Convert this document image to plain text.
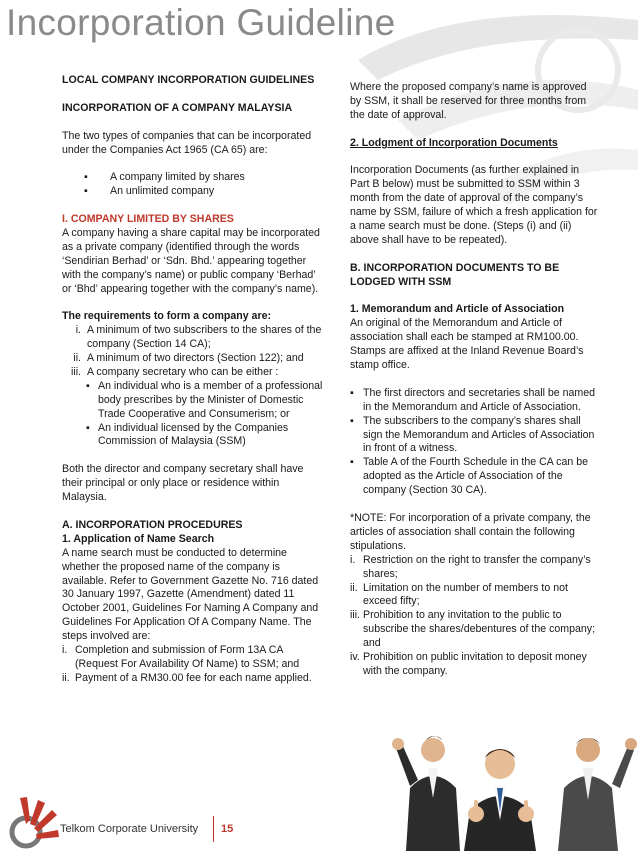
Incorporation Guideline

LOCAL COMPANY INCORPORATION GUIDELINES

INCORPORATION OF A COMPANY MALAYSIA

The two types of companies that can be incorporated under the Companies Act 1965 (CA 65) are:

▪ A company limited by shares
▪ An unlimited company

I. COMPANY LIMITED BY SHARES

A company having a share capital may be incorporated as a private company (identified through the words ‘Sendirian Berhad’ or ‘Sdn. Bhd.’ appearing together with the company’s name) or public company ‘Berhad’ or ‘Bhd’ appearing together with the company’s name).

The requirements to form a company are:

i. A minimum of two subscribers to the shares of the company (Section 14 CA);
ii. A minimum of two directors (Section 122); and
iii. A company secretary who can be either :
▪ An individual who is a member of a professional body prescribes by the Minister of Domestic Trade Cooperative and Consumerism; or
▪ An individual licensed by the Companies Commission of Malaysia (SSM)

Both the director and company secretary shall have their principal or only place or residence within Malaysia.

A. INCORPORATION PROCEDURES

1. Application of Name Search

A name search must be conducted to determine whether the proposed name of the company is available. Refer to Government Gazette No. 716 dated 30 January 1997, Gazette (Amendment) dated 11 October 2001, Guidelines For Naming A Company and Guidelines For Application Of A Company Name. The steps involved are:

i. Completion and submission of Form 13A CA (Request For Availability Of Name) to SSM; and
ii. Payment of a RM30.00 fee for each name applied.

Where the proposed company’s name is approved by SSM, it shall be reserved for three months from the date of approval.

2. Lodgment of Incorporation Documents

Incorporation Documents (as further explained in Part B below) must be submitted to SSM within 3 month from the date of approval of the company’s name by SSM, failure of which a fresh application for a name search must be done. (Steps (i) and (ii) above shall have to be repeated).

B. INCORPORATION DOCUMENTS TO BE LODGED WITH SSM

1. Memorandum and Article of Association

An original of the Memorandum and Article of association shall each be stamped at RM100.00. Stamps are affixed at the Inland Revenue Board’s stamp office.

▪ The first directors and secretaries shall be named in the Memorandum and Article of Association.
▪ The subscribers to the company’s shares shall sign the Memorandum and Articles of Association in front of a witness.
▪ Table A of the Fourth Schedule in the CA can be adopted as the Article of Association of the company (Section 30 CA).

*NOTE: For incorporation of a private company, the articles of association shall contain the following stipulations.

i. Restriction on the right to transfer the company’s shares;
ii. Limitation on the number of members to not exceed fifty;
iii. Prohibition to any invitation to the public to subscribe the shares/debentures of the company; and
iv. Prohibition on public invitation to deposit money with the company.
Telkom Corporate University 15
